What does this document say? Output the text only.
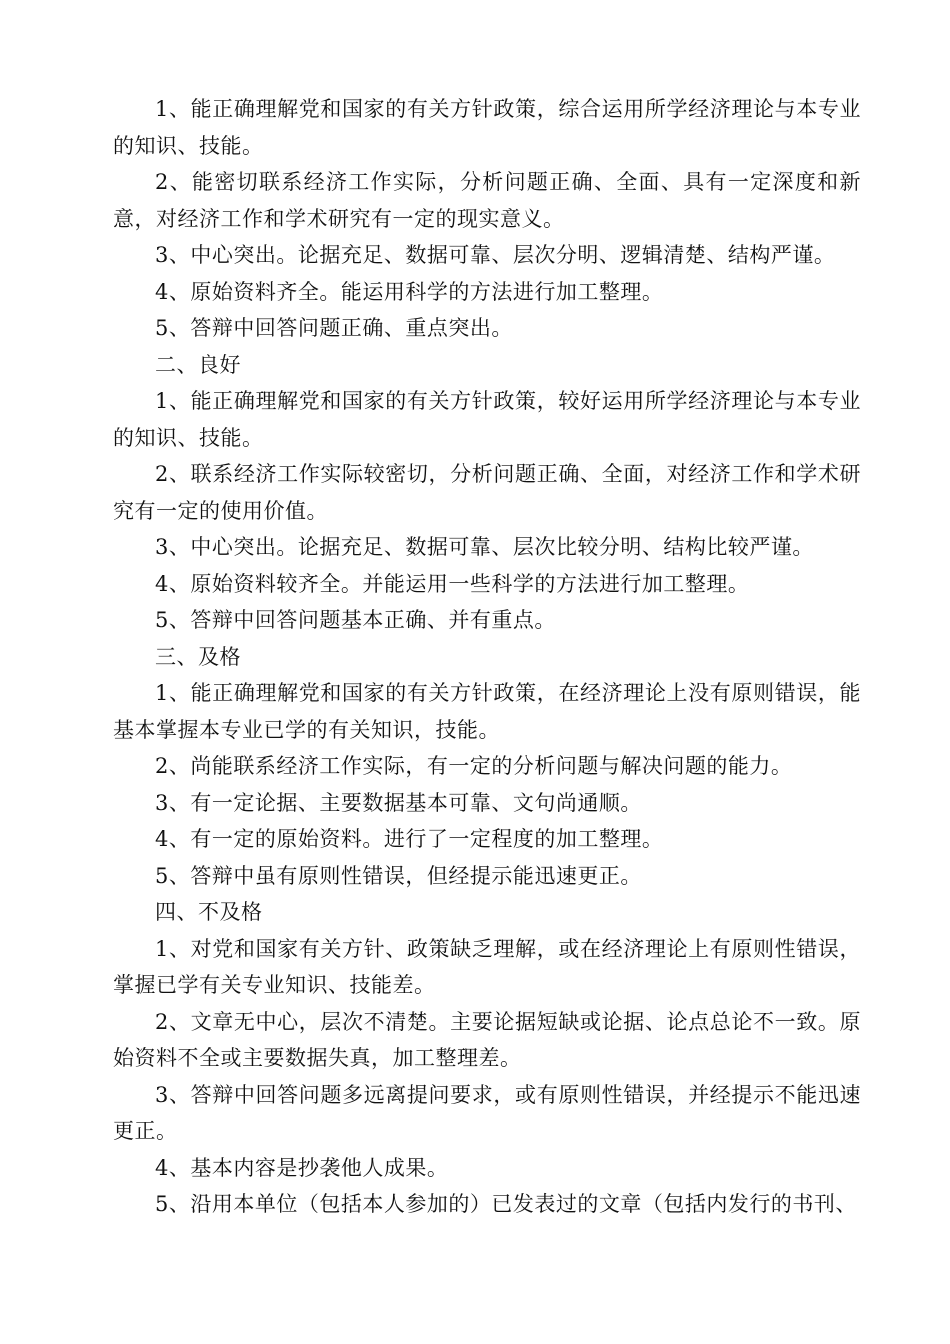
1、能正确理解党和国家的有关方针政策，综合运用所学经济理论与本专业的知识、技能。

2、能密切联系经济工作实际，分析问题正确、全面、具有一定深度和新意，对经济工作和学术研究有一定的现实意义。

3、中心突出。论据充足、数据可靠、层次分明、逻辑清楚、结构严谨。

4、原始资料齐全。能运用科学的方法进行加工整理。

5、答辩中回答问题正确、重点突出。

二、良好

1、能正确理解党和国家的有关方针政策，较好运用所学经济理论与本专业的知识、技能。

2、联系经济工作实际较密切，分析问题正确、全面，对经济工作和学术研究有一定的使用价值。

3、中心突出。论据充足、数据可靠、层次比较分明、结构比较严谨。

4、原始资料较齐全。并能运用一些科学的方法进行加工整理。

5、答辩中回答问题基本正确、并有重点。

三、及格

1、能正确理解党和国家的有关方针政策，在经济理论上没有原则错误，能基本掌握本专业已学的有关知识，技能。

2、尚能联系经济工作实际，有一定的分析问题与解决问题的能力。

3、有一定论据、主要数据基本可靠、文句尚通顺。

4、有一定的原始资料。进行了一定程度的加工整理。

5、答辩中虽有原则性错误，但经提示能迅速更正。

四、不及格

1、对党和国家有关方针、政策缺乏理解，或在经济理论上有原则性错误，掌握已学有关专业知识、技能差。

2、文章无中心，层次不清楚。主要论据短缺或论据、论点总论不一致。原始资料不全或主要数据失真，加工整理差。

3、答辩中回答问题多远离提问要求，或有原则性错误，并经提示不能迅速更正。

4、基本内容是抄袭他人成果。

5、沿用本单位（包括本人参加的）已发表过的文章（包括内发行的书刊、
